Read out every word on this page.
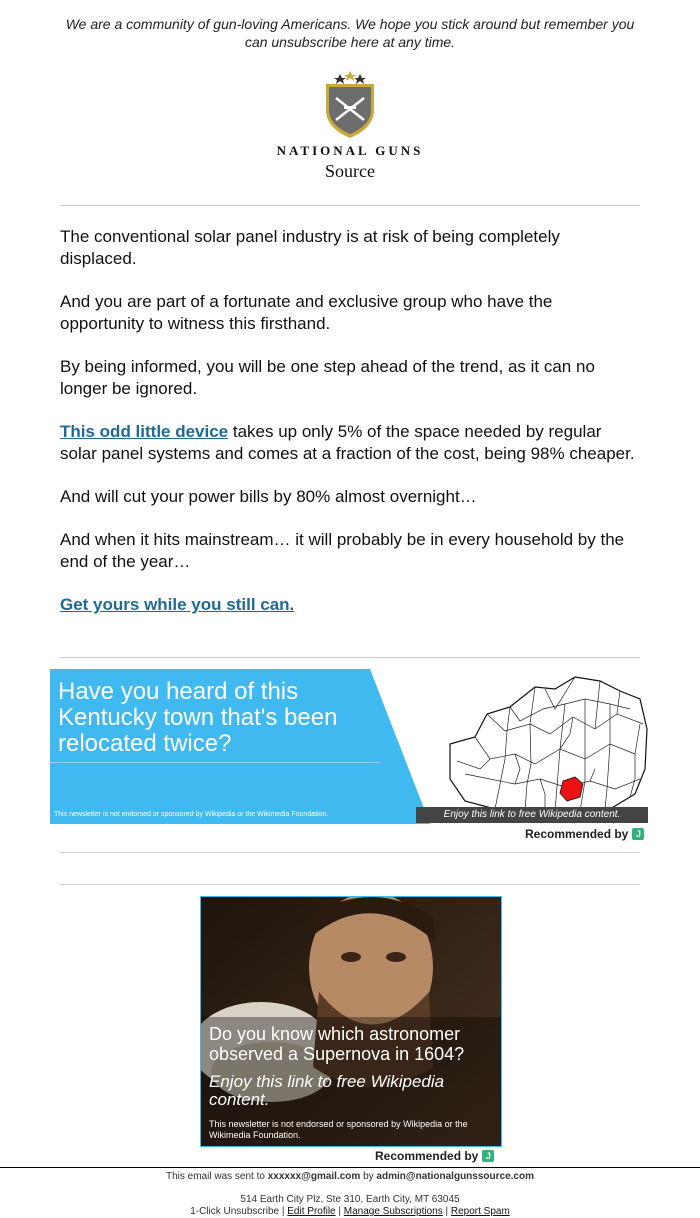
We are a community of gun-loving Americans. We hope you stick around but remember you can unsubscribe here at any time.
NATIONAL GUNS
Source

The conventional solar panel industry is at risk of being completely displaced.

And you are part of a fortunate and exclusive group who have the opportunity to witness this firsthand.

By being informed, you will be one step ahead of the trend, as it can no longer be ignored.

This odd little device takes up only 5% of the space needed by regular solar panel systems and comes at a fraction of the cost, being 98% cheaper.

And will cut your power bills by 80% almost overnight…

And when it hits mainstream… it will probably be in every household by the end of the year…

Get yours while you still can.

Have you heard of this Kentucky town that's been relocated twice?
This newsletter is not endorsed or sponsored by Wikipedia or the Wikimedia Foundation.	Enjoy this link to free Wikipedia content.
Recommended by J
Do you know which astronomer observed a Supernova in 1604?
Enjoy this link to free Wikipedia content.
This newsletter is not endorsed or sponsored by Wikipedia or the Wikimedia Foundation.
Recommended by J
This email was sent to xxxxxx@gmail.com by admin@nationalgunssource.com
514 Earth City Plz, Ste 310, Earth City, MT 63045
1-Click Unsubscribe | Edit Profile | Manage Subscriptions | Report Spam
